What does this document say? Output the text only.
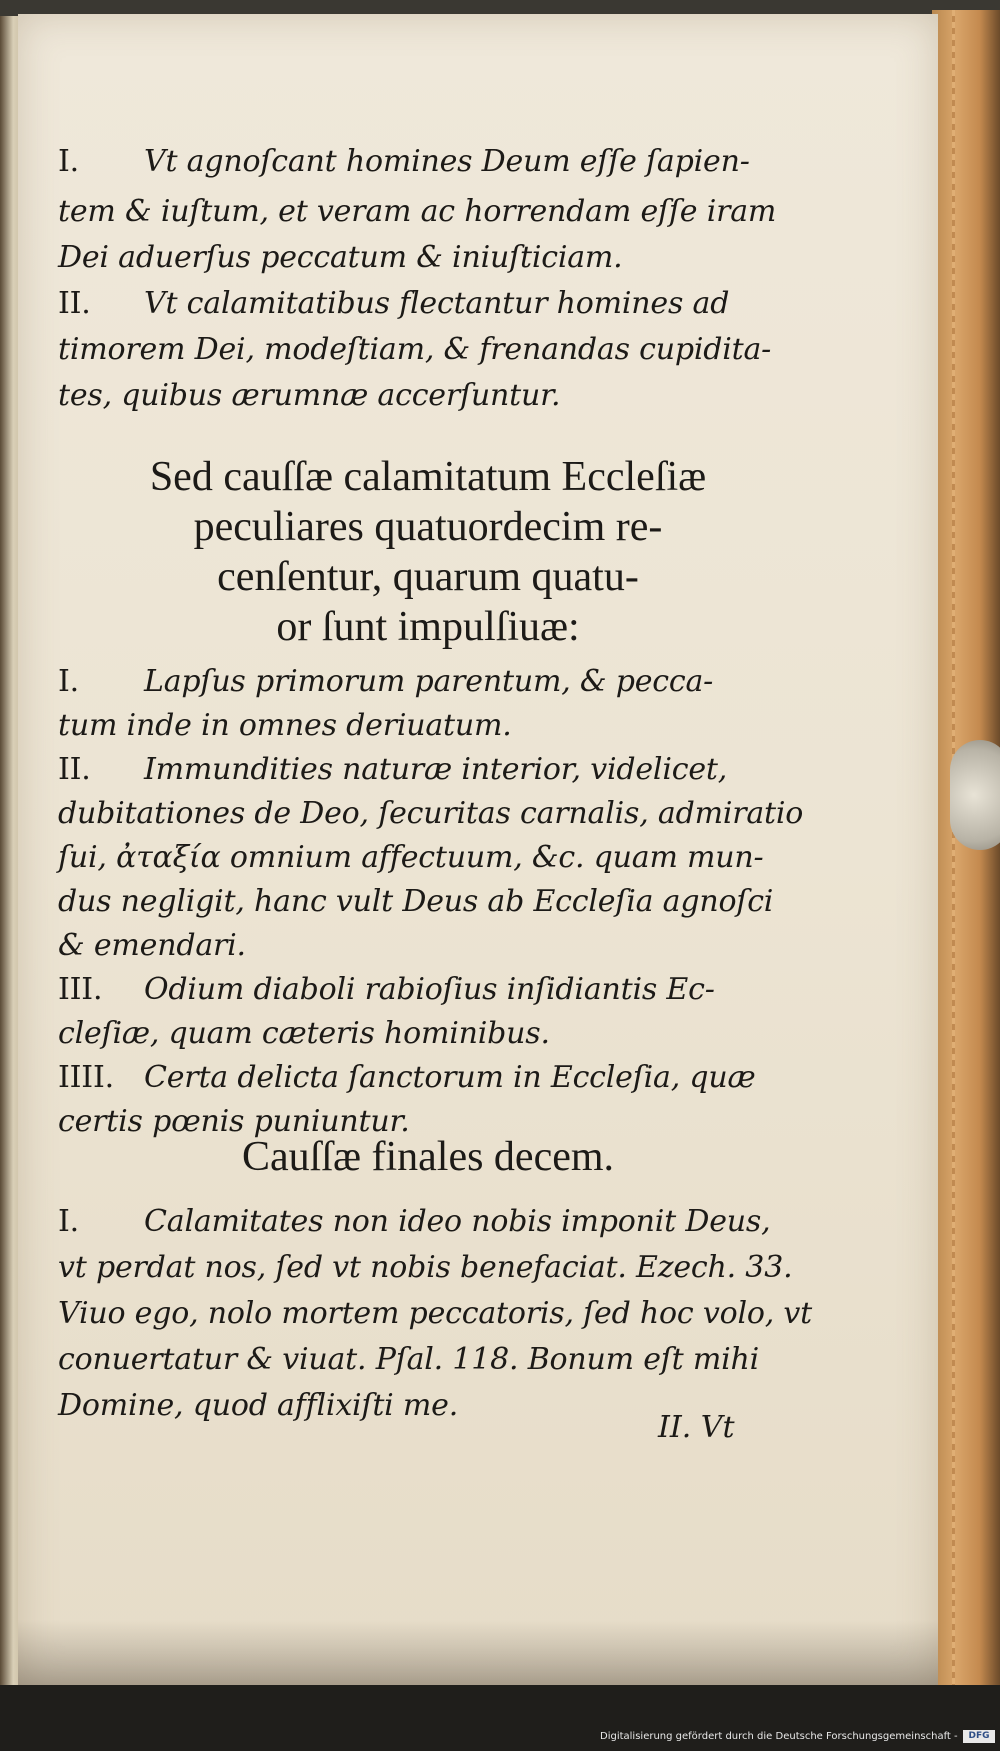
I. Vt agnoſcant homines Deum eſſe ſapien-
tem & iuſtum, et veram ac horrendam eſſe iram
Dei aduerſus peccatum & iniuſticiam.
II. Vt calamitatibus flectantur homines ad
timorem Dei, modeſtiam, & frenandas cupidita-
tes, quibus ærumnæ accerſuntur.
Sed cauſſæ calamitatum Eccleſiæ
peculiares quatuordecim re-
cenſentur, quarum quatu-
or ſunt impulſiuæ:
I. Lapſus primorum parentum, & pecca-
tum inde in omnes deriuatum.
II. Immundities naturæ interior, videlicet,
dubitationes de Deo, ſecuritas carnalis, admiratio
ſui, ἀταξία omnium affectuum, &c. quam mun-
dus negligit, hanc vult Deus ab Eccleſia agnoſci
& emendari.
III. Odium diaboli rabioſius inſidiantis Ec-
cleſiæ, quam cæteris hominibus.
IIII. Certa delicta ſanctorum in Eccleſia, quæ
certis pœnis puniuntur.
Cauſſæ finales decem.
I. Calamitates non ideo nobis imponit Deus,
vt perdat nos, ſed vt nobis benefaciat. Ezech. 33.
Viuo ego, nolo mortem peccatoris, ſed hoc volo, vt
conuertatur & viuat. Pſal. 118. Bonum eſt mihi
Domine, quod afflixiſti me.
II. Vt
Digitalisierung gefördert durch die Deutsche Forschungsgemeinschaft -	DFG
